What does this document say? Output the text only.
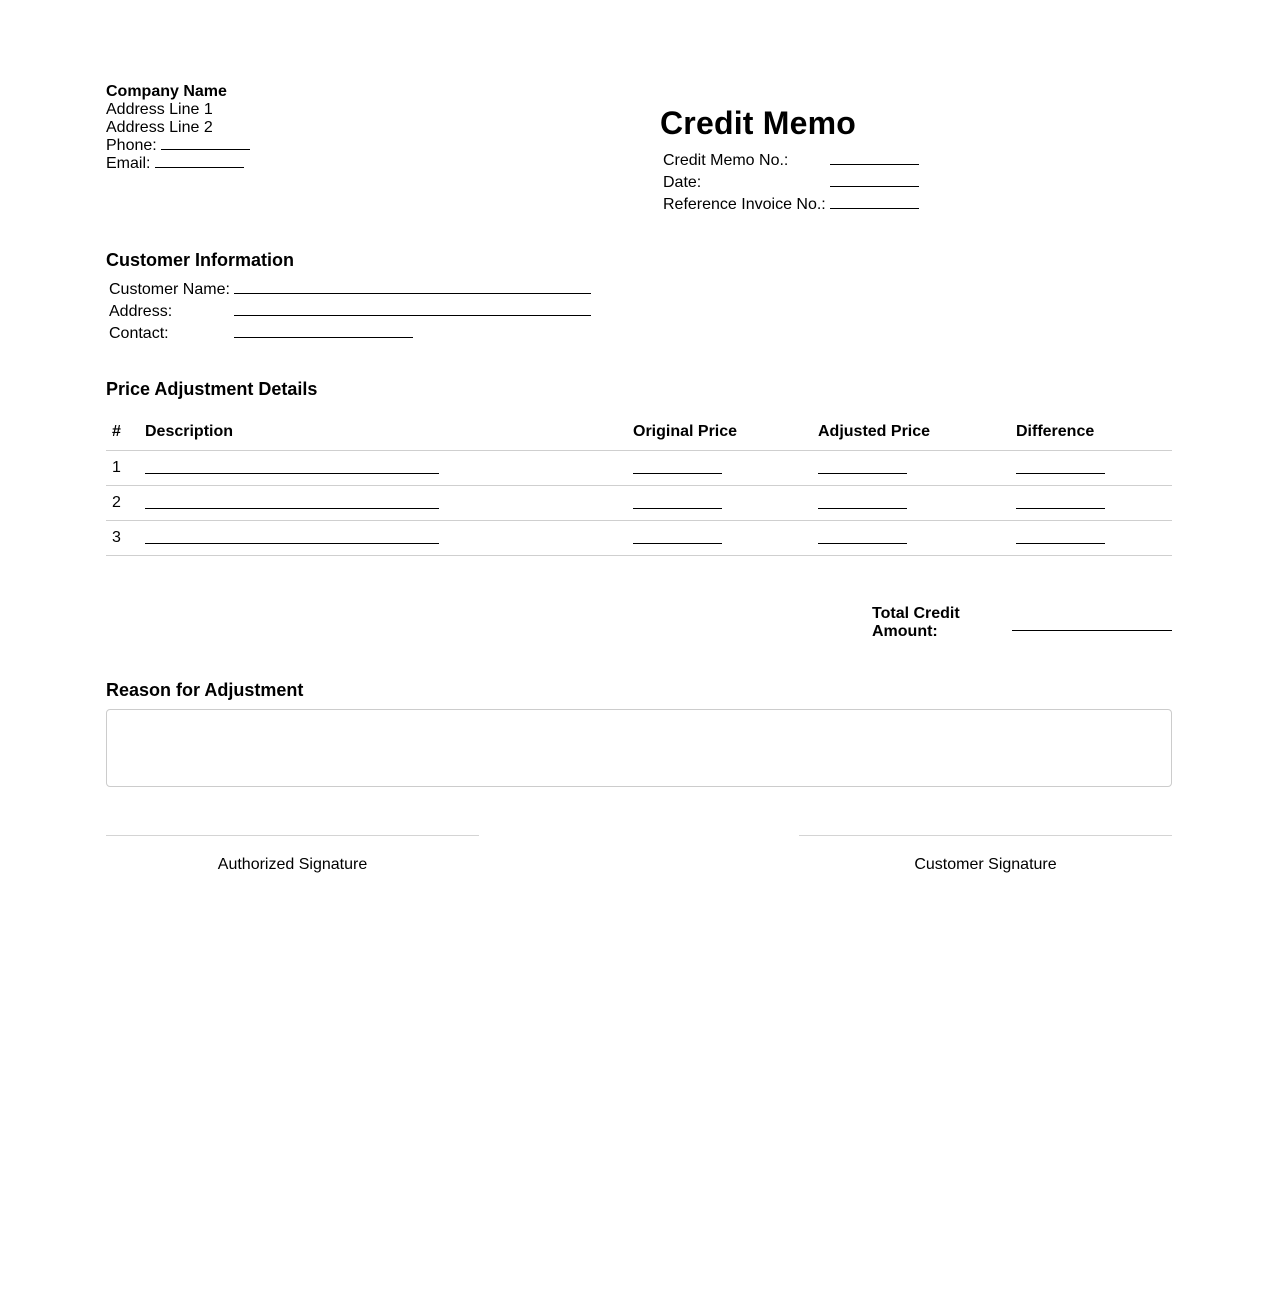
Company Name
Address Line 1
Address Line 2
Phone:
Email:
Credit Memo
Credit Memo No.:	
Date:	
Reference Invoice No.:	
Customer Information
Customer Name:	
Address:	
Contact:	
Price Adjustment Details
#	Description	Original Price	Adjusted Price	Difference
1				
2				
3				
Total Credit Amount:
Reason for Adjustment
Authorized Signature	Customer Signature
